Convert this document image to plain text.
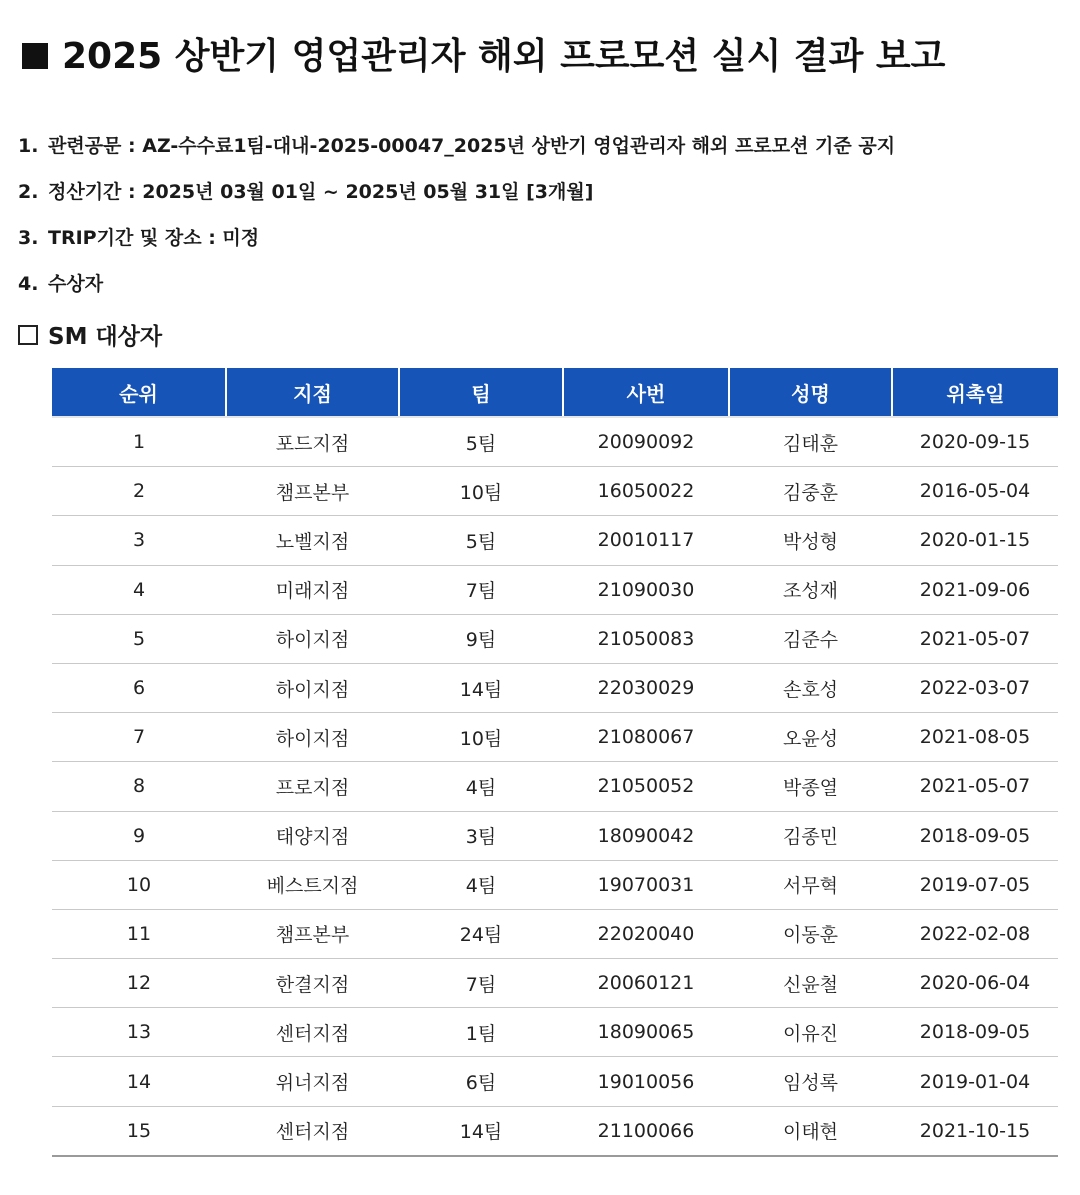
2025 상반기 영업관리자 해외 프로모션 실시 결과 보고
1. 관련공문 : AZ-수수료1팀-대내-2025-00047_2025년 상반기 영업관리자 해외 프로모션 기준 공지
2. 정산기간 : 2025년 03월 01일 ~ 2025년 05월 31일 [3개월]
3. TRIP기간 및 장소 : 미정
4. 수상자
SM 대상자
순위	지점	팀	사번	성명	위촉일
1	포드지점	5팀	20090092	김태훈	2020-09-15
2	챔프본부	10팀	16050022	김중훈	2016-05-04
3	노벨지점	5팀	20010117	박성형	2020-01-15
4	미래지점	7팀	21090030	조성재	2021-09-06
5	하이지점	9팀	21050083	김준수	2021-05-07
6	하이지점	14팀	22030029	손호성	2022-03-07
7	하이지점	10팀	21080067	오윤성	2021-08-05
8	프로지점	4팀	21050052	박종열	2021-05-07
9	태양지점	3팀	18090042	김종민	2018-09-05
10	베스트지점	4팀	19070031	서무혁	2019-07-05
11	챔프본부	24팀	22020040	이동훈	2022-02-08
12	한결지점	7팀	20060121	신윤철	2020-06-04
13	센터지점	1팀	18090065	이유진	2018-09-05
14	위너지점	6팀	19010056	임성록	2019-01-04
15	센터지점	14팀	21100066	이태현	2021-10-15
